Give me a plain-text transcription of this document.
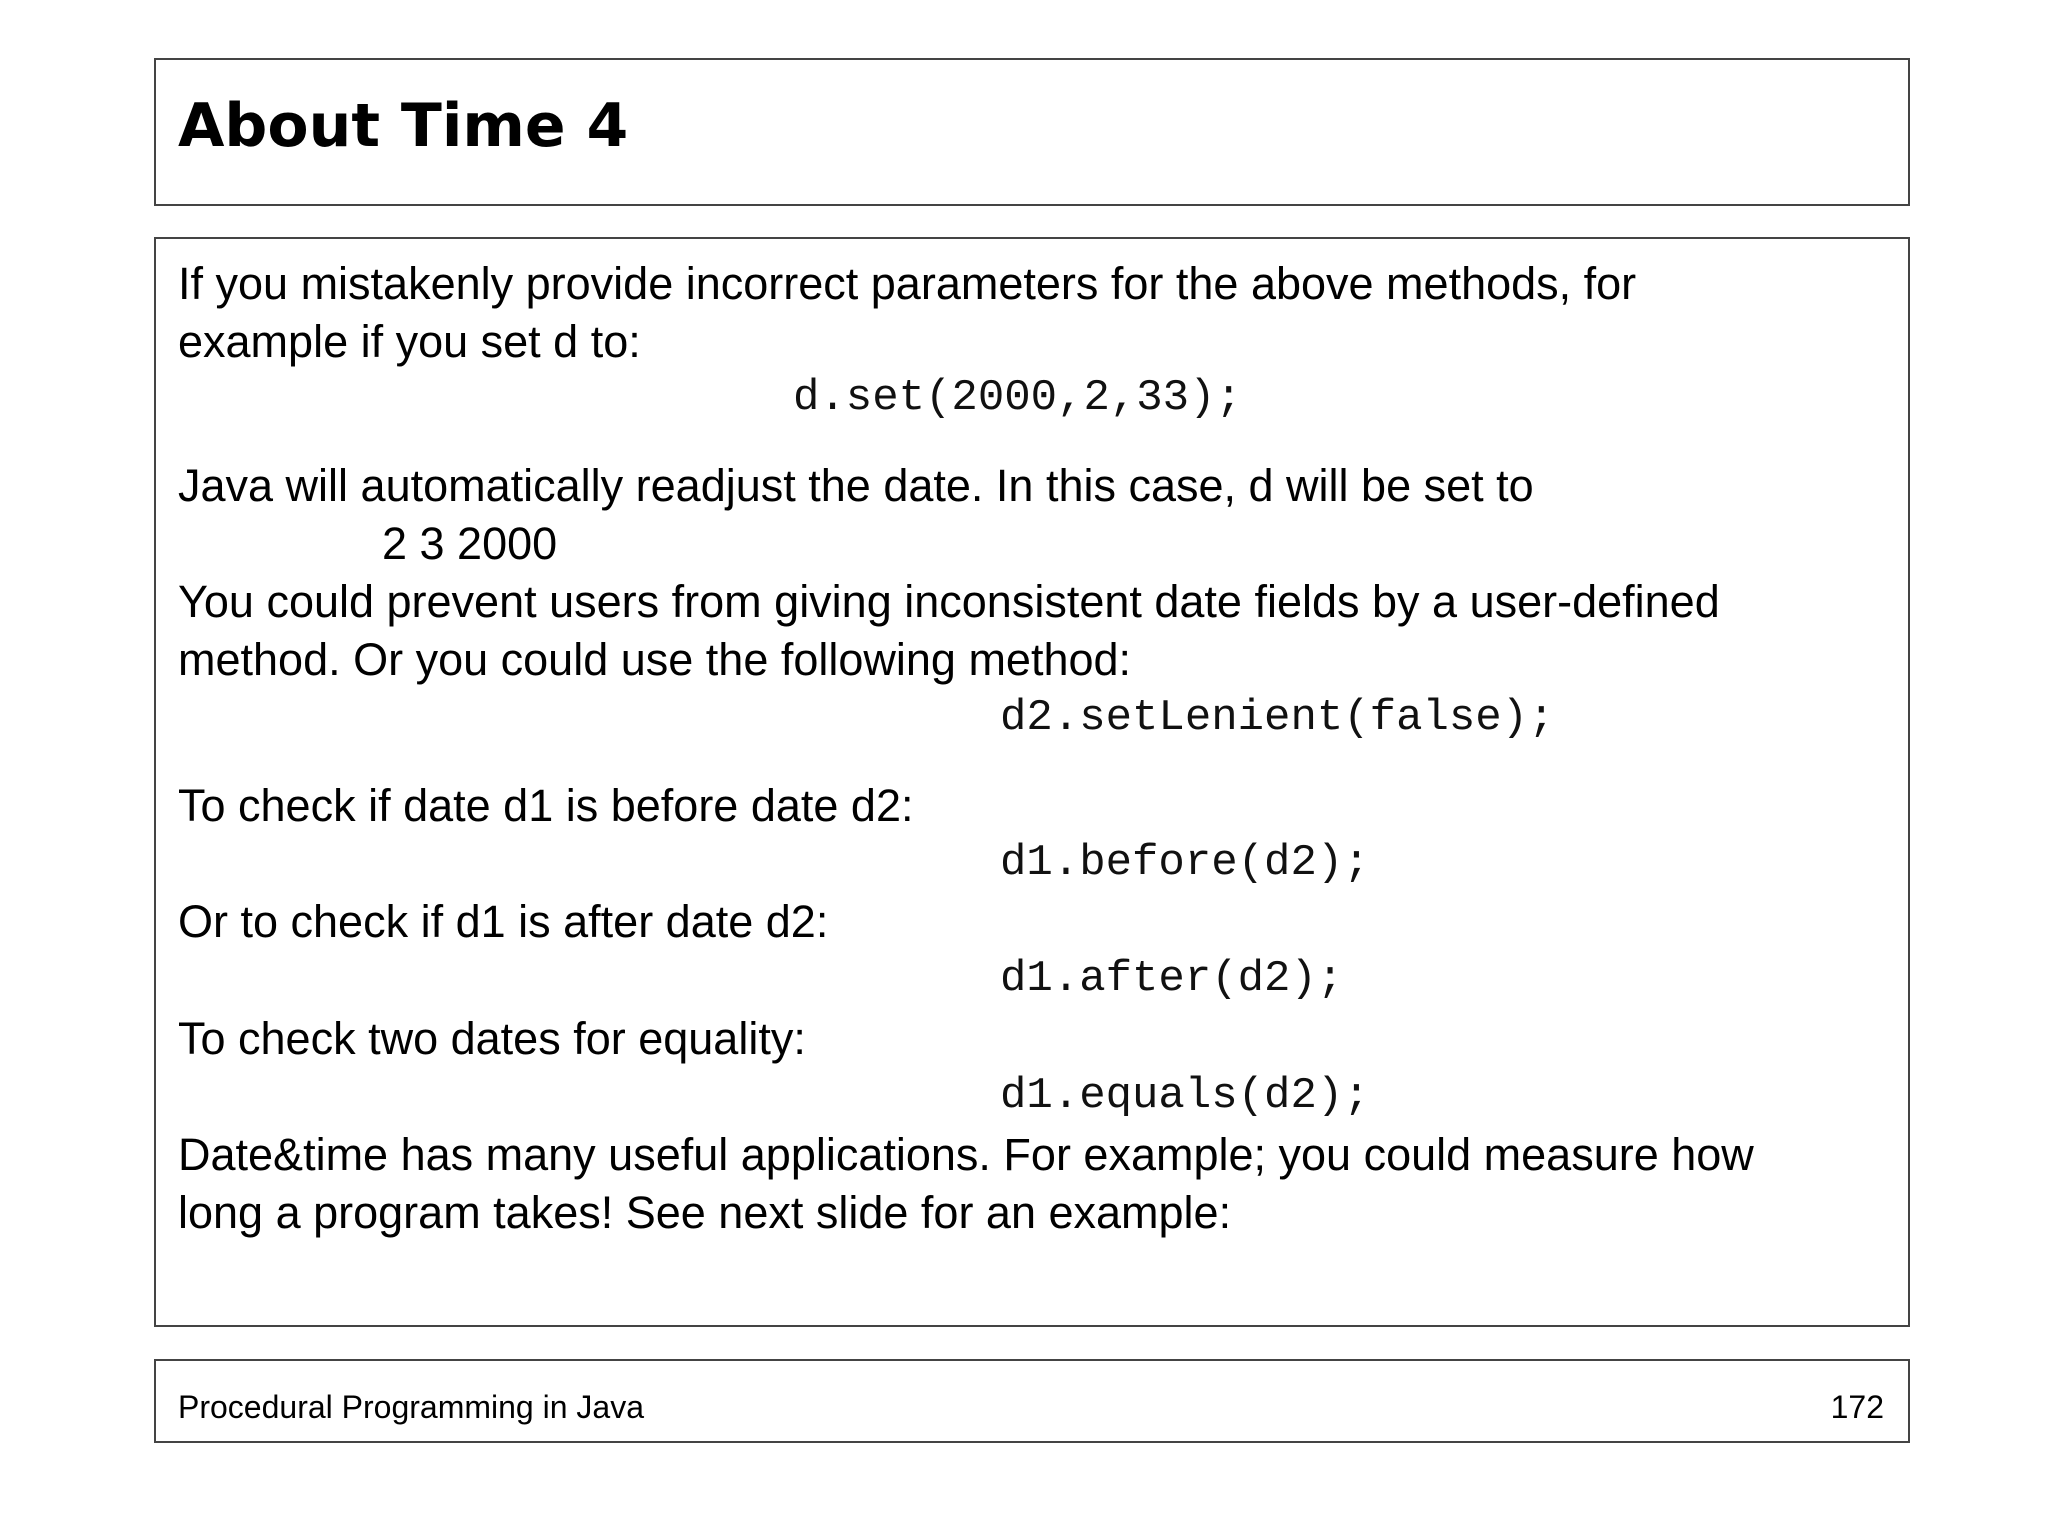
About Time 4

If you mistakenly provide incorrect parameters for the above methods, for

example if you set d to:

d.set(2000,2,33);

Java will automatically readjust the date. In this case, d will be set to

2 3 2000

You could prevent users from giving inconsistent date fields by a user-defined

method. Or you could use the following method:

d2.setLenient(false);

To check if date d1 is before date d2:

d1.before(d2);

Or to check if d1 is after date d2:

d1.after(d2);

To check two dates for equality:

d1.equals(d2);

Date&time has many useful applications. For example; you could measure how

long a program takes! See next slide for an example:

Procedural Programming in Java	172
